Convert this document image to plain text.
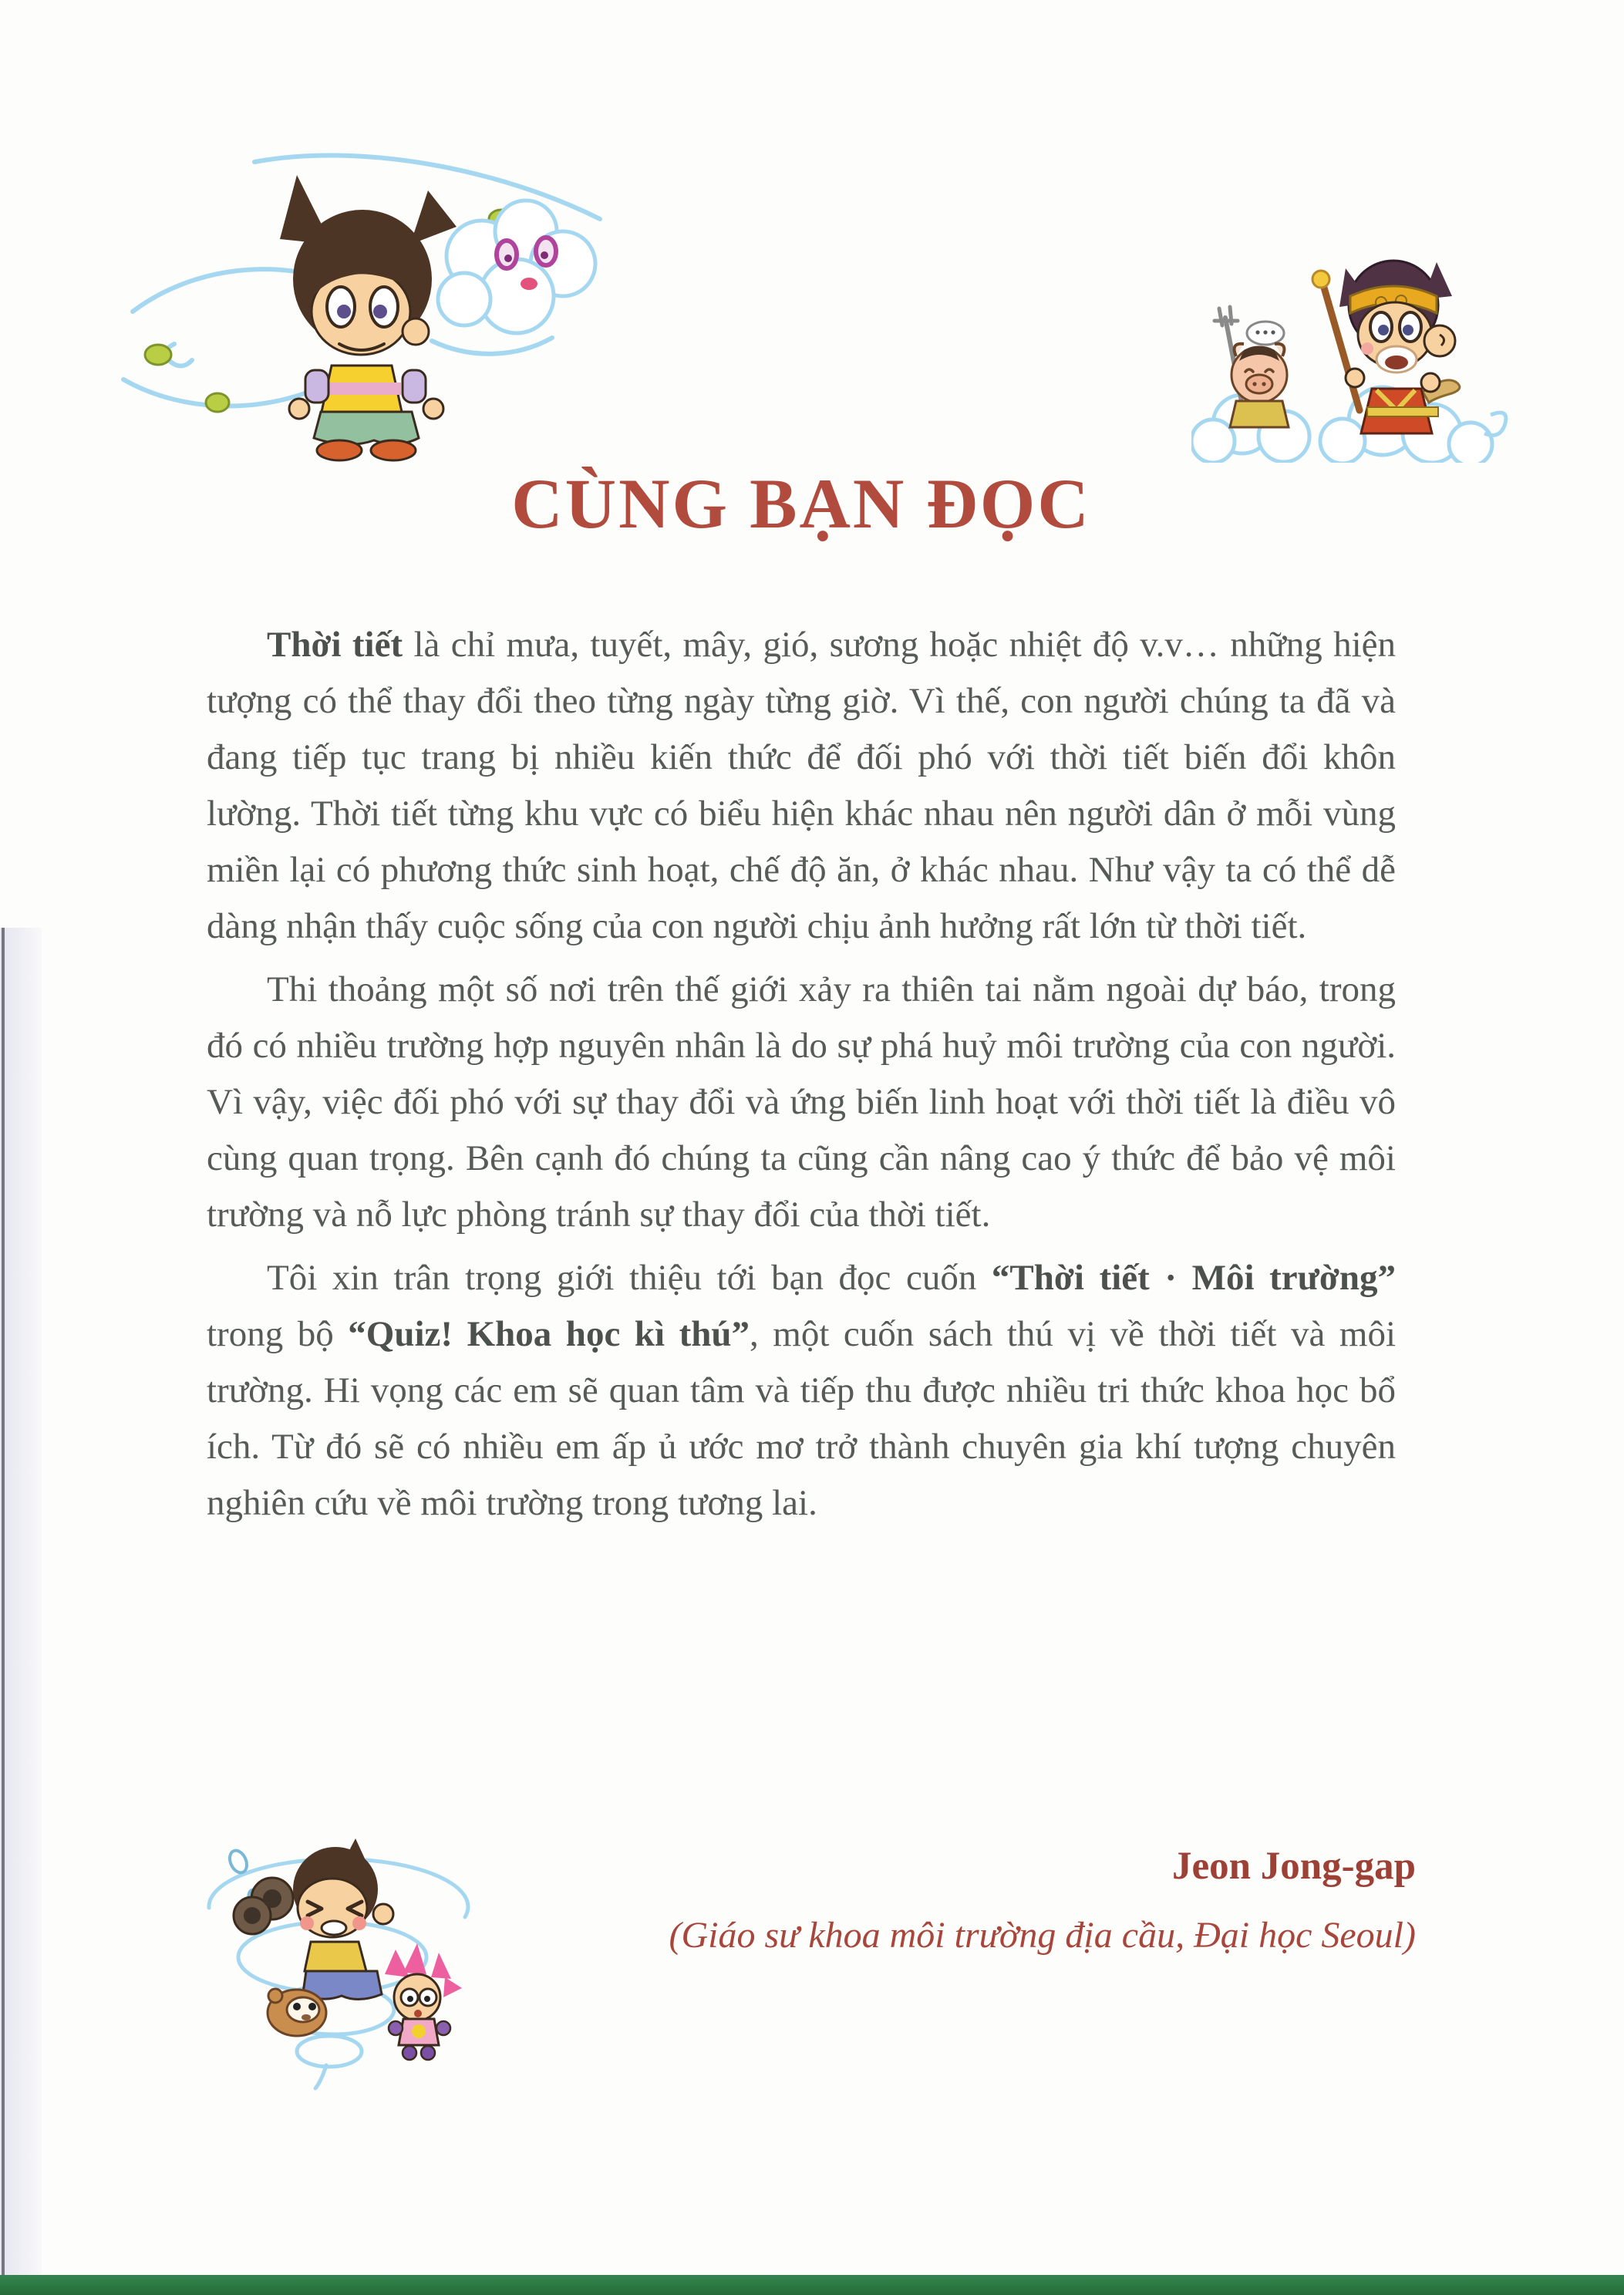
CÙNG BẠN ĐỌC

Thời tiết là chỉ mưa, tuyết, mây, gió, sương hoặc nhiệt độ v.v… những hiện tượng có thể thay đổi theo từng ngày từng giờ. Vì thế, con người chúng ta đã và đang tiếp tục trang bị nhiều kiến thức để đối phó với thời tiết biến đổi khôn lường. Thời tiết từng khu vực có biểu hiện khác nhau nên người dân ở mỗi vùng miền lại có phương thức sinh hoạt, chế độ ăn, ở khác nhau. Như vậy ta có thể dễ dàng nhận thấy cuộc sống của con người chịu ảnh hưởng rất lớn từ thời tiết.

Thi thoảng một số nơi trên thế giới xảy ra thiên tai nằm ngoài dự báo, trong đó có nhiều trường hợp nguyên nhân là do sự phá huỷ môi trường của con người. Vì vậy, việc đối phó với sự thay đổi và ứng biến linh hoạt với thời tiết là điều vô cùng quan trọng. Bên cạnh đó chúng ta cũng cần nâng cao ý thức để bảo vệ môi trường và nỗ lực phòng tránh sự thay đổi của thời tiết.

Tôi xin trân trọng giới thiệu tới bạn đọc cuốn “Thời tiết · Môi trường” trong bộ “Quiz! Khoa học kì thú”, một cuốn sách thú vị về thời tiết và môi trường. Hi vọng các em sẽ quan tâm và tiếp thu được nhiều tri thức khoa học bổ ích. Từ đó sẽ có nhiều em ấp ủ ước mơ trở thành chuyên gia khí tượng chuyên nghiên cứu về môi trường trong tương lai.

Jeon Jong-gap
(Giáo sư khoa môi trường địa cầu, Đại học Seoul)
